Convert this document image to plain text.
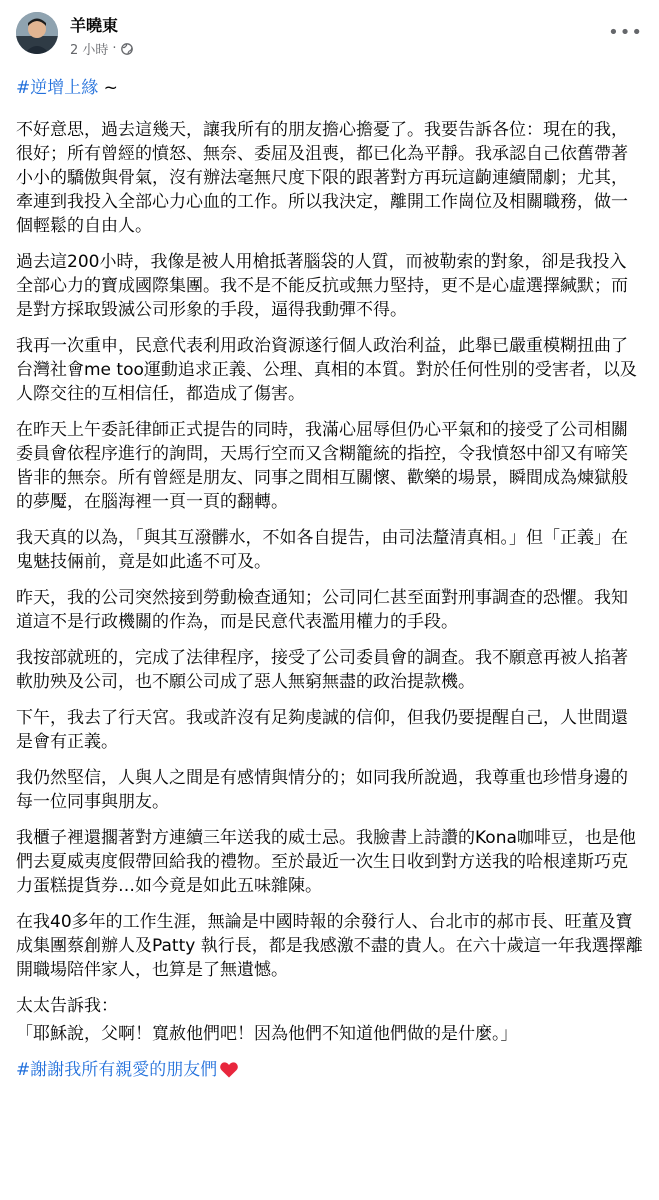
羊曉東
2 小時 ·
•••
#逆增上緣 ~

不好意思，過去這幾天，讓我所有的朋友擔心擔憂了。我要告訴各位：現在的我，很好；所有曾經的憤怒、無奈、委屈及沮喪，都已化為平靜。我承認自己依舊帶著小小的驕傲與骨氣，沒有辦法毫無尺度下限的跟著對方再玩這齣連續鬧劇；尤其，牽連到我投入全部心力心血的工作。所以我決定，離開工作崗位及相關職務，做一個輕鬆的自由人。

過去這200小時，我像是被人用槍抵著腦袋的人質，而被勒索的對象，卻是我投入全部心力的寶成國際集團。我不是不能反抗或無力堅持，更不是心虛選擇緘默；而是對方採取毀滅公司形象的手段，逼得我動彈不得。

我再一次重申，民意代表利用政治資源遂行個人政治利益，此舉已嚴重模糊扭曲了台灣社會me too運動追求正義、公理、真相的本質。對於任何性別的受害者，以及人際交往的互相信任，都造成了傷害。

在昨天上午委託律師正式提告的同時，我滿心屈辱但仍心平氣和的接受了公司相關委員會依程序進行的詢問，天馬行空而又含糊籠統的指控，令我憤怒中卻又有啼笑皆非的無奈。所有曾經是朋友、同事之間相互關懷、歡樂的場景，瞬間成為煉獄般的夢魘，在腦海裡一頁一頁的翻轉。

我天真的以為，「與其互潑髒水，不如各自提告，由司法釐清真相。」但「正義」在鬼魅技倆前，竟是如此遙不可及。

昨天，我的公司突然接到勞動檢查通知；公司同仁甚至面對刑事調查的恐懼。我知道這不是行政機關的作為，而是民意代表濫用權力的手段。

我按部就班的，完成了法律程序，接受了公司委員會的調查。我不願意再被人掐著軟肋殃及公司，也不願公司成了惡人無窮無盡的政治提款機。

下午，我去了行天宮。我或許沒有足夠虔誠的信仰，但我仍要提醒自己，人世間還是會有正義。

我仍然堅信，人與人之間是有感情與情分的；如同我所說過，我尊重也珍惜身邊的每一位同事與朋友。

我櫃子裡還擱著對方連續三年送我的威士忌。我臉書上詩讚的Kona咖啡豆，也是他們去夏威夷度假帶回給我的禮物。至於最近一次生日收到對方送我的哈根達斯巧克力蛋糕提貨券…如今竟是如此五味雜陳。

在我40多年的工作生涯，無論是中國時報的余發行人、台北市的郝市長、旺董及寶成集團蔡創辦人及Patty 執行長，都是我感激不盡的貴人。在六十歲這一年我選擇離開職場陪伴家人，也算是了無遺憾。

太太告訴我：

「耶穌說，父啊！寬赦他們吧！因為他們不知道他們做的是什麼。」

#謝謝我所有親愛的朋友們
